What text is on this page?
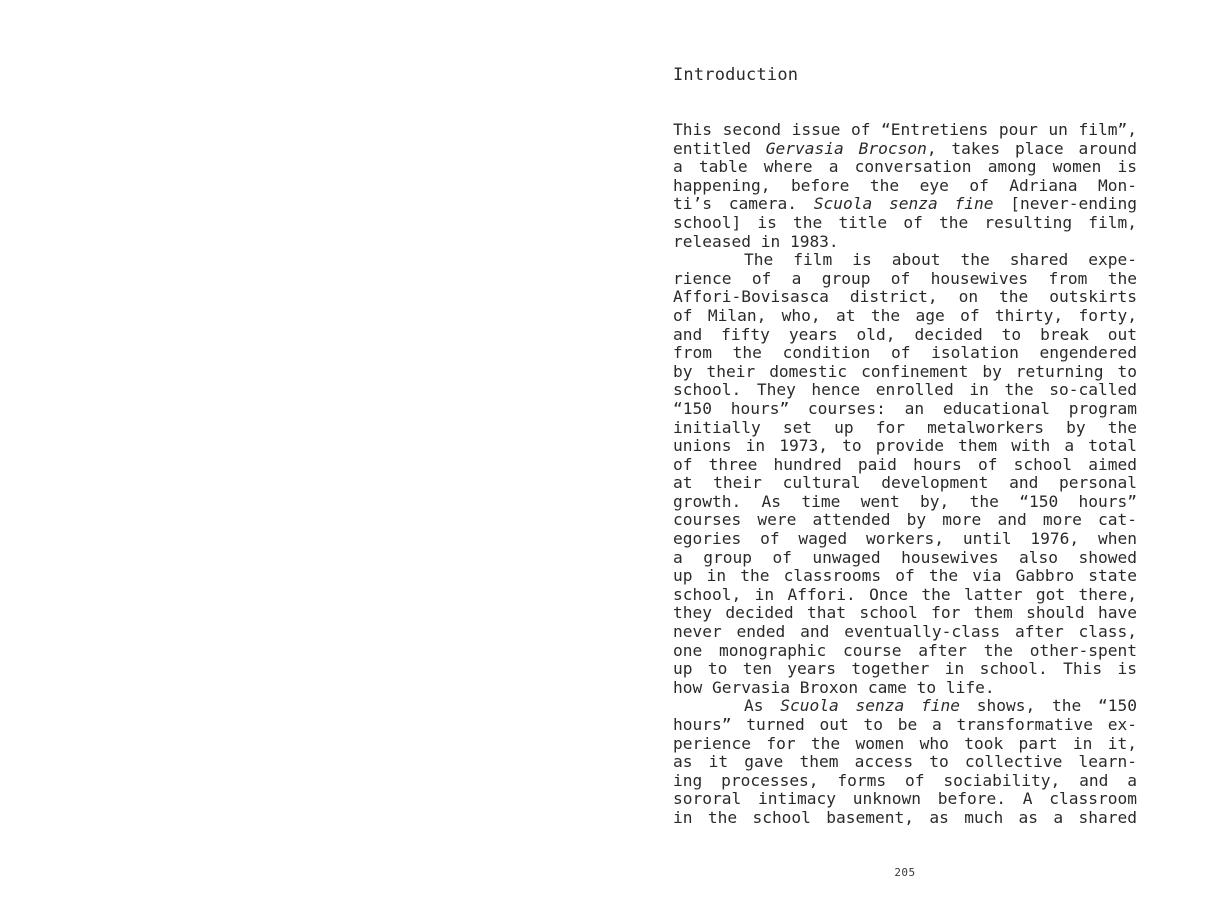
Introduction
This second issue of “Entretiens pour un film”,
entitled Gervasia Brocson, takes place around
a table where a conversation among women is
happening, before the eye of Adriana Mon-
ti’s camera. Scuola senza fine [never-ending
school] is the title of the resulting film,
released in 1983.
The film is about the shared expe-
rience of a group of housewives from the
Affori-Bovisasca district, on the outskirts
of Milan, who, at the age of thirty, forty,
and fifty years old, decided to break out
from the condition of isolation engendered
by their domestic confinement by returning to
school. They hence enrolled in the so-called
“150 hours” courses: an educational program
initially set up for metalworkers by the
unions in 1973, to provide them with a total
of three hundred paid hours of school aimed
at their cultural development and personal
growth. As time went by, the “150 hours”
courses were attended by more and more cat-
egories of waged workers, until 1976, when
a group of unwaged housewives also showed
up in the classrooms of the via Gabbro state
school, in Affori. Once the latter got there,
they decided that school for them should have
never ended and eventually-class after class,
one monographic course after the other-spent
up to ten years together in school. This is
how Gervasia Broxon came to life.
As Scuola senza fine shows, the “150
hours” turned out to be a transformative ex-
perience for the women who took part in it,
as it gave them access to collective learn-
ing processes, forms of sociability, and a
sororal intimacy unknown before. A classroom
in the school basement, as much as a shared
205
